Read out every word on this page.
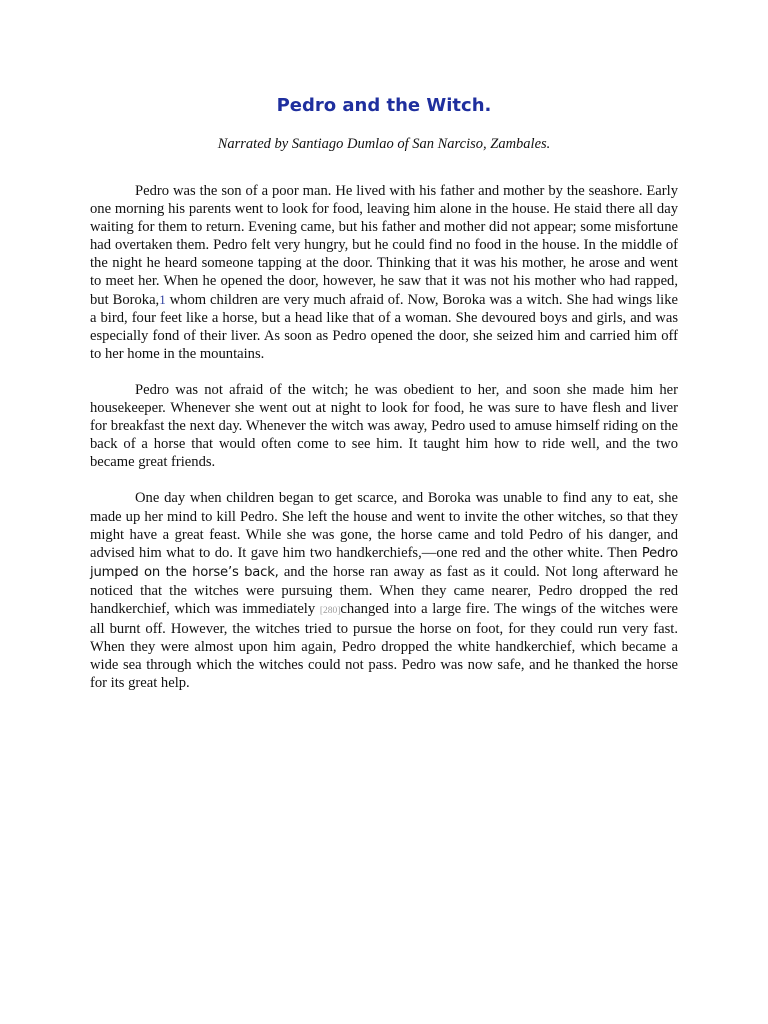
Pedro and the Witch.

Narrated by Santiago Dumlao of San Narciso, Zambales.

Pedro was the son of a poor man. He lived with his father and mother by the seashore. Early one morning his parents went to look for food, leaving him alone in the house. He staid there all day waiting for them to return. Evening came, but his father and mother did not appear; some misfortune had overtaken them. Pedro felt very hungry, but he could find no food in the house. In the middle of the night he heard someone tapping at the door. Thinking that it was his mother, he arose and went to meet her. When he opened the door, however, he saw that it was not his mother who had rapped, but Boroka,1 whom children are very much afraid of. Now, Boroka was a witch. She had wings like a bird, four feet like a horse, but a head like that of a woman. She devoured boys and girls, and was especially fond of their liver. As soon as Pedro opened the door, she seized him and carried him off to her home in the mountains.

Pedro was not afraid of the witch; he was obedient to her, and soon she made him her housekeeper. Whenever she went out at night to look for food, he was sure to have flesh and liver for breakfast the next day. Whenever the witch was away, Pedro used to amuse himself riding on the back of a horse that would often come to see him. It taught him how to ride well, and the two became great friends.

One day when children began to get scarce, and Boroka was unable to find any to eat, she made up her mind to kill Pedro. She left the house and went to invite the other witches, so that they might have a great feast. While she was gone, the horse came and told Pedro of his danger, and advised him what to do. It gave him two handkerchiefs,—one red and the other white. Then Pedro jumped on the horse’s back, and the horse ran away as fast as it could. Not long afterward he noticed that the witches were pursuing them. When they came nearer, Pedro dropped the red handkerchief, which was immediately [280]changed into a large fire. The wings of the witches were all burnt off. However, the witches tried to pursue the horse on foot, for they could run very fast. When they were almost upon him again, Pedro dropped the white handkerchief, which became a wide sea through which the witches could not pass. Pedro was now safe, and he thanked the horse for its great help.
